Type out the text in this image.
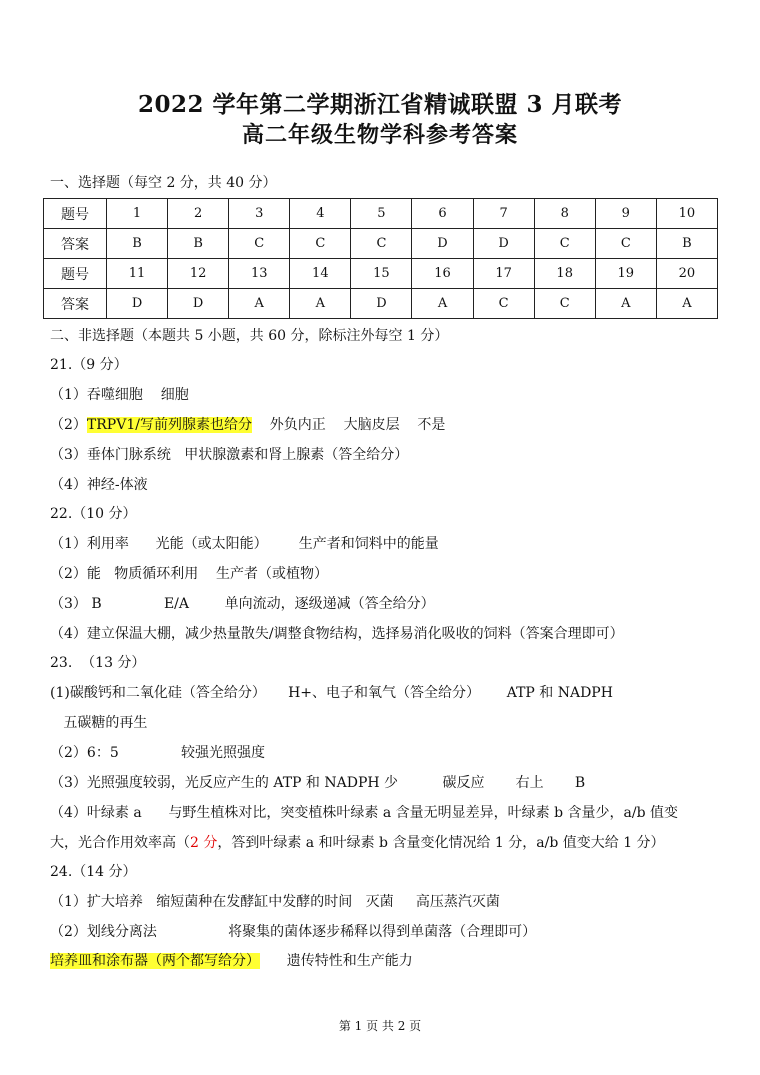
2022 学年第二学期浙江省精诚联盟 3 月联考
高二年级生物学科参考答案
一、选择题（每空 2 分，共 40 分）
题号	1	2	3	4	5	6	7	8	9	10
答案	B	B	C	C	C	D	D	C	C	B
题号	11	12	13	14	15	16	17	18	19	20
答案	D	D	A	A	D	A	C	C	A	A
二、非选择题（本题共 5 小题，共 60 分，除标注外每空 1 分）
21.（9 分）
（1）吞噬细胞    细胞
（2）TRPV1/写前列腺素也给分    外负内正    大脑皮层    不是
（3）垂体门脉系统   甲状腺激素和肾上腺素（答全给分）
（4）神经-体液
22.（10 分）
（1）利用率      光能（或太阳能）       生产者和饲料中的能量
（2）能   物质循环利用    生产者（或植物）
（3） B              E/A        单向流动，逐级递减（答全给分）
（4）建立保温大棚，减少热量散失/调整食物结构，选择易消化吸收的饲料（答案合理即可）
23.  （13 分）
(1)碳酸钙和二氧化硅（答全给分）     H+、电子和氧气（答全给分）      ATP 和 NADPH
五碳糖的再生
（2）6：5              较强光照强度
（3）光照强度较弱，光反应产生的 ATP 和 NADPH 少          碳反应       右上       B
（4）叶绿素 a      与野生植株对比，突变植株叶绿素 a 含量无明显差异，叶绿素 b 含量少，a/b 值变
大，光合作用效率高（2 分，答到叶绿素 a 和叶绿素 b 含量变化情况给 1 分，a/b 值变大给 1 分）
24.（14 分）
（1）扩大培养   缩短菌种在发酵缸中发酵的时间   灭菌     高压蒸汽灭菌
（2）划线分离法                将聚集的菌体逐步稀释以得到单菌落（合理即可）
培养皿和涂布器（两个都写给分）      遗传特性和生产能力
第 1 页 共 2 页
